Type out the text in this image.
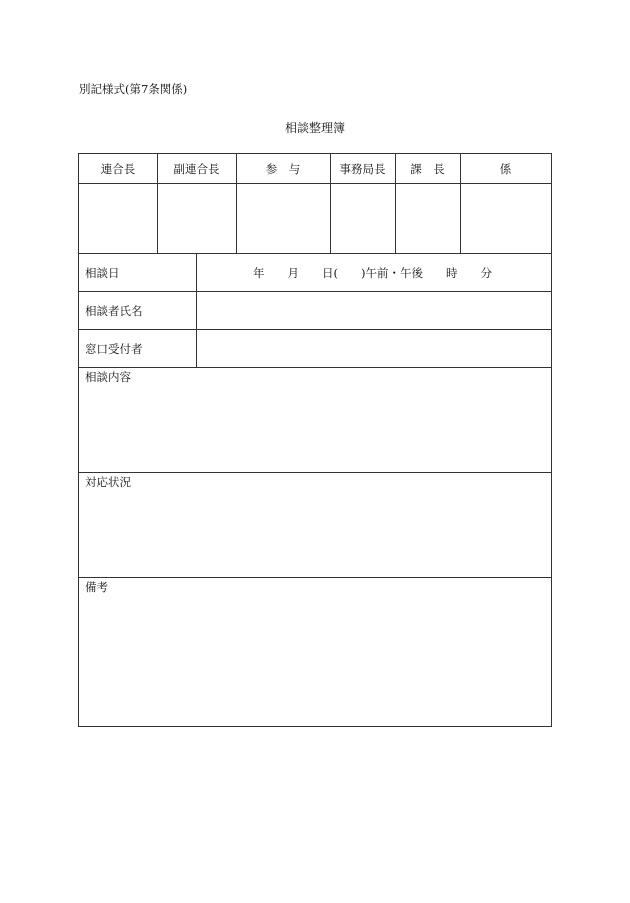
別記様式(第7条関係)
相談整理簿
連合長	副連合長	参　与	事務局長	課　長	係
相談日	年　　月　　日(　　)午前・午後　　時　　分
相談者氏名
窓口受付者
相談内容
対応状況
備考
